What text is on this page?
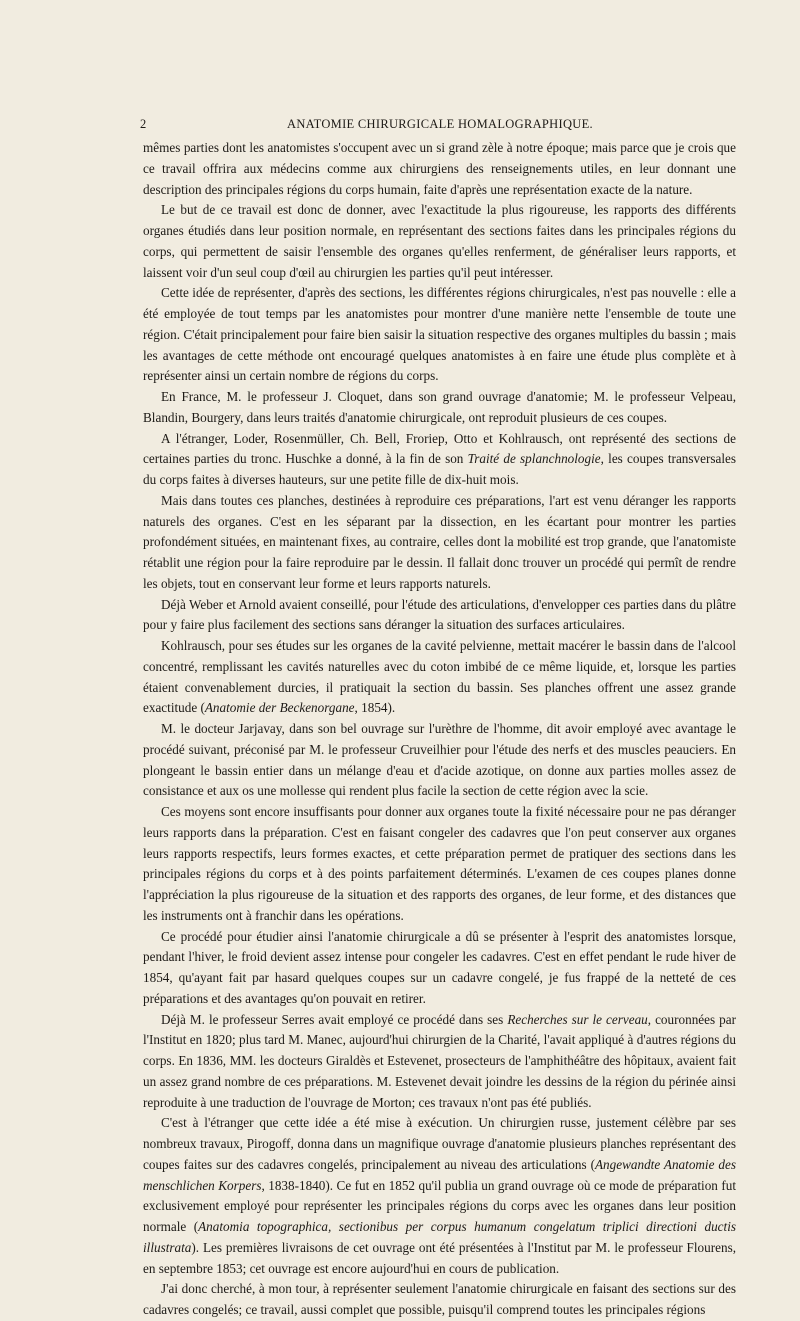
2	ANATOMIE CHIRURGICALE HOMALOGRAPHIQUE.

mêmes parties dont les anatomistes s'occupent avec un si grand zèle à notre époque; mais parce que je crois que ce travail offrira aux médecins comme aux chirurgiens des renseignements utiles, en leur donnant une description des principales régions du corps humain, faite d'après une représentation exacte de la nature.

Le but de ce travail est donc de donner, avec l'exactitude la plus rigoureuse, les rapports des différents organes étudiés dans leur position normale, en représentant des sections faites dans les principales régions du corps, qui permettent de saisir l'ensemble des organes qu'elles renferment, de généraliser leurs rapports, et laissent voir d'un seul coup d'œil au chirurgien les parties qu'il peut intéresser.

Cette idée de représenter, d'après des sections, les différentes régions chirurgicales, n'est pas nouvelle : elle a été employée de tout temps par les anatomistes pour montrer d'une manière nette l'ensemble de toute une région. C'était principalement pour faire bien saisir la situation respective des organes multiples du bassin ; mais les avantages de cette méthode ont encouragé quelques anatomistes à en faire une étude plus complète et à représenter ainsi un certain nombre de régions du corps.

En France, M. le professeur J. Cloquet, dans son grand ouvrage d'anatomie; M. le professeur Velpeau, Blandin, Bourgery, dans leurs traités d'anatomie chirurgicale, ont reproduit plusieurs de ces coupes.

A l'étranger, Loder, Rosenmüller, Ch. Bell, Froriep, Otto et Kohlrausch, ont représenté des sections de certaines parties du tronc. Huschke a donné, à la fin de son Traité de splanchnologie, les coupes transversales du corps faites à diverses hauteurs, sur une petite fille de dix-huit mois.

Mais dans toutes ces planches, destinées à reproduire ces préparations, l'art est venu déranger les rapports naturels des organes. C'est en les séparant par la dissection, en les écartant pour montrer les parties profondément situées, en maintenant fixes, au contraire, celles dont la mobilité est trop grande, que l'anatomiste rétablit une région pour la faire reproduire par le dessin. Il fallait donc trouver un procédé qui permît de rendre les objets, tout en conservant leur forme et leurs rapports naturels.

Déjà Weber et Arnold avaient conseillé, pour l'étude des articulations, d'envelopper ces parties dans du plâtre pour y faire plus facilement des sections sans déranger la situation des surfaces articulaires.

Kohlrausch, pour ses études sur les organes de la cavité pelvienne, mettait macérer le bassin dans de l'alcool concentré, remplissant les cavités naturelles avec du coton imbibé de ce même liquide, et, lorsque les parties étaient convenablement durcies, il pratiquait la section du bassin. Ses planches offrent une assez grande exactitude (Anatomie der Beckenorgane, 1854).

M. le docteur Jarjavay, dans son bel ouvrage sur l'urèthre de l'homme, dit avoir employé avec avantage le procédé suivant, préconisé par M. le professeur Cruveilhier pour l'étude des nerfs et des muscles peauciers. En plongeant le bassin entier dans un mélange d'eau et d'acide azotique, on donne aux parties molles assez de consistance et aux os une mollesse qui rendent plus facile la section de cette région avec la scie.

Ces moyens sont encore insuffisants pour donner aux organes toute la fixité nécessaire pour ne pas déranger leurs rapports dans la préparation. C'est en faisant congeler des cadavres que l'on peut conserver aux organes leurs rapports respectifs, leurs formes exactes, et cette préparation permet de pratiquer des sections dans les principales régions du corps et à des points parfaitement déterminés. L'examen de ces coupes planes donne l'appréciation la plus rigoureuse de la situation et des rapports des organes, de leur forme, et des distances que les instruments ont à franchir dans les opérations.

Ce procédé pour étudier ainsi l'anatomie chirurgicale a dû se présenter à l'esprit des anatomistes lorsque, pendant l'hiver, le froid devient assez intense pour congeler les cadavres. C'est en effet pendant le rude hiver de 1854, qu'ayant fait par hasard quelques coupes sur un cadavre congelé, je fus frappé de la netteté de ces préparations et des avantages qu'on pouvait en retirer.

Déjà M. le professeur Serres avait employé ce procédé dans ses Recherches sur le cerveau, couronnées par l'Institut en 1820; plus tard M. Manec, aujourd'hui chirurgien de la Charité, l'avait appliqué à d'autres régions du corps. En 1836, MM. les docteurs Giraldès et Estevenet, prosecteurs de l'amphithéâtre des hôpitaux, avaient fait un assez grand nombre de ces préparations. M. Estevenet devait joindre les dessins de la région du périnée ainsi reproduite à une traduction de l'ouvrage de Morton; ces travaux n'ont pas été publiés.

C'est à l'étranger que cette idée a été mise à exécution. Un chirurgien russe, justement célèbre par ses nombreux travaux, Pirogoff, donna dans un magnifique ouvrage d'anatomie plusieurs planches représentant des coupes faites sur des cadavres congelés, principalement au niveau des articulations (Angewandte Anatomie des menschlichen Korpers, 1838-1840). Ce fut en 1852 qu'il publia un grand ouvrage où ce mode de préparation fut exclusivement employé pour représenter les principales régions du corps avec les organes dans leur position normale (Anatomia topographica, sectionibus per corpus humanum congelatum triplici directioni ductis illustrata). Les premières livraisons de cet ouvrage ont été présentées à l'Institut par M. le professeur Flourens, en septembre 1853; cet ouvrage est encore aujourd'hui en cours de publication.

J'ai donc cherché, à mon tour, à représenter seulement l'anatomie chirurgicale en faisant des sections sur des cadavres congelés; ce travail, aussi complet que possible, puisqu'il comprend toutes les principales régions
